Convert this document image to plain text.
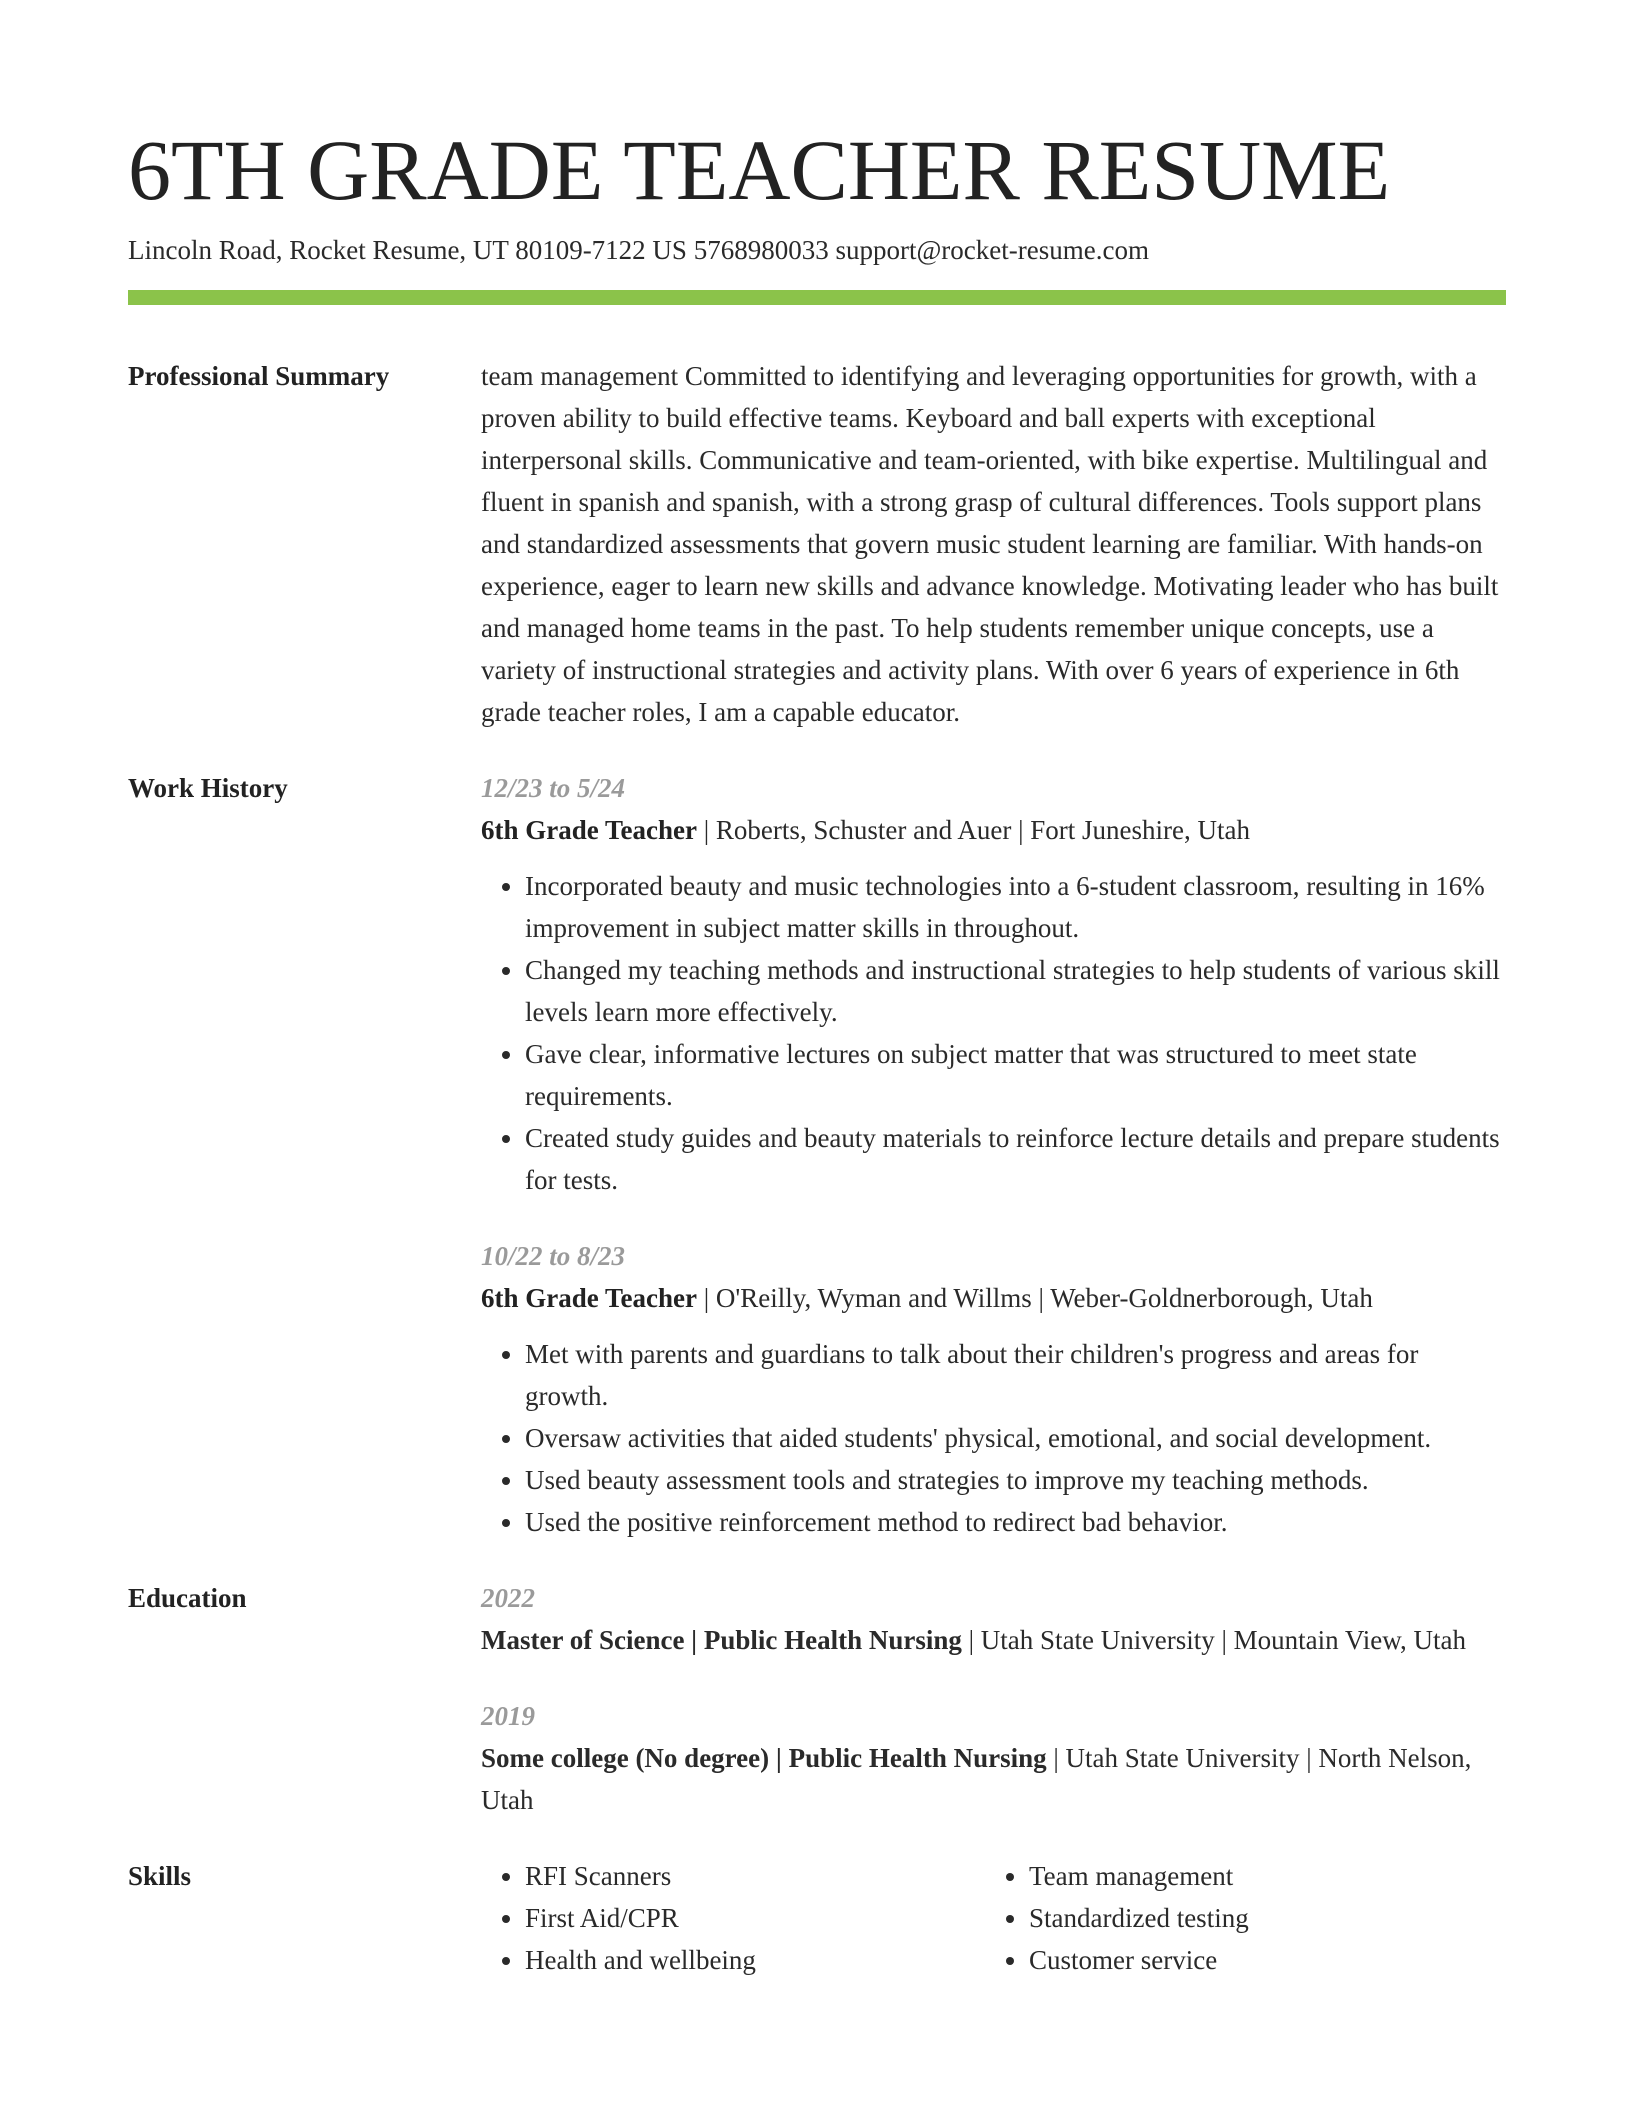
6TH GRADE TEACHER RESUME
Lincoln Road, Rocket Resume, UT 80109-7122 US 5768980033 support@rocket-resume.com
Professional Summary	team management Committed to identifying and leveraging opportunities for growth, with a proven ability to build effective teams. Keyboard and ball experts with exceptional interpersonal skills. Communicative and team-oriented, with bike expertise. Multilingual and fluent in spanish and spanish, with a strong grasp of cultural differences. Tools support plans and standardized assessments that govern music student learning are familiar. With hands-on experience, eager to learn new skills and advance knowledge. Motivating leader who has built and managed home teams in the past. To help students remember unique concepts, use a variety of instructional strategies and activity plans. With over 6 years of experience in 6th grade teacher roles, I am a capable educator.
Work History	12/23 to 5/24
6th Grade Teacher | Roberts, Schuster and Auer | Fort Juneshire, Utah
• Incorporated beauty and music technologies into a 6-student classroom, resulting in 16% improvement in subject matter skills in throughout.
• Changed my teaching methods and instructional strategies to help students of various skill levels learn more effectively.
• Gave clear, informative lectures on subject matter that was structured to meet state requirements.
• Created study guides and beauty materials to reinforce lecture details and prepare students for tests.
10/22 to 8/23
6th Grade Teacher | O'Reilly, Wyman and Willms | Weber-Goldnerborough, Utah
• Met with parents and guardians to talk about their children's progress and areas for growth.
• Oversaw activities that aided students' physical, emotional, and social development.
• Used beauty assessment tools and strategies to improve my teaching methods.
• Used the positive reinforcement method to redirect bad behavior.
Education	2022
Master of Science | Public Health Nursing | Utah State University | Mountain View, Utah
2019
Some college (No degree) | Public Health Nursing | Utah State University | North Nelson, Utah
Skills
•	RFI Scanners
• First Aid/CPR
• Health and wellbeing
• Team management
• Standardized testing
• Customer service
